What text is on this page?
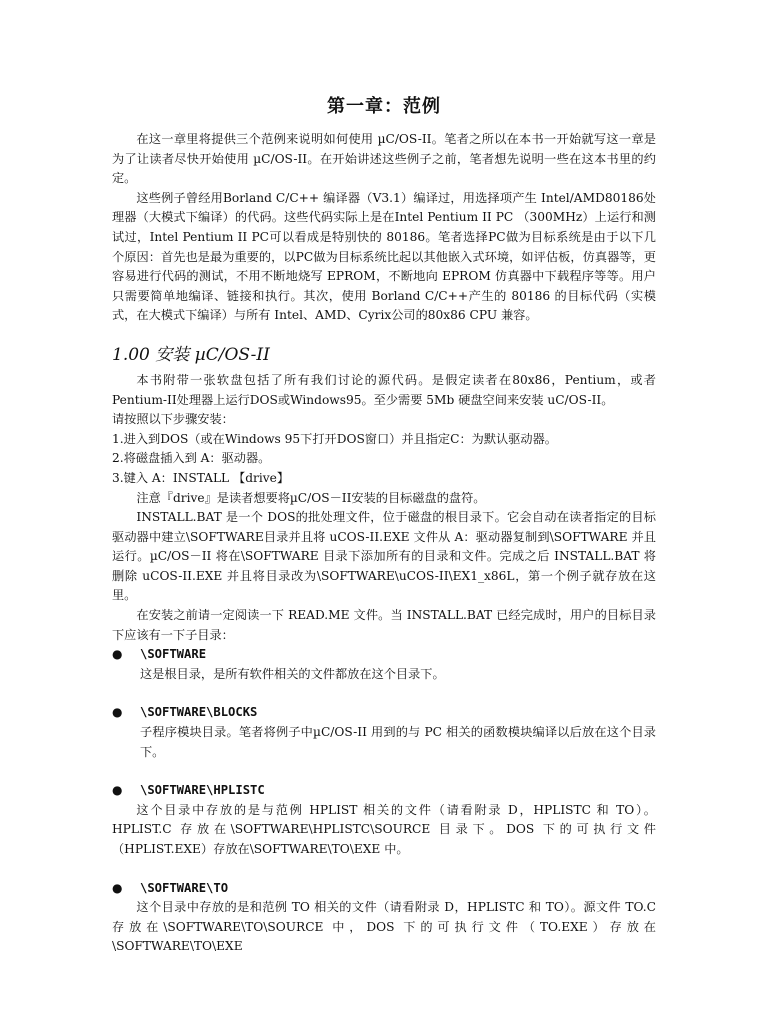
第一章：范例

在这一章里将提供三个范例来说明如何使用 µC/OS-II。笔者之所以在本书一开始就写这一章是为了让读者尽快开始使用 µC/OS-II。在开始讲述这些例子之前，笔者想先说明一些在这本书里的约定。

这些例子曾经用Borland C/C++ 编译器（V3.1）编译过，用选择项产生 Intel/AMD80186处理器（大模式下编译）的代码。这些代码实际上是在Intel Pentium II PC （300MHz）上运行和测试过，Intel Pentium II PC可以看成是特别快的 80186。笔者选择PC做为目标系统是由于以下几个原因：首先也是最为重要的，以PC做为目标系统比起以其他嵌入式环境，如评估板，仿真器等，更容易进行代码的测试，不用不断地烧写 EPROM，不断地向 EPROM 仿真器中下载程序等等。用户只需要简单地编译、链接和执行。其次，使用 Borland C/C++产生的 80186 的目标代码（实模式，在大模式下编译）与所有 Intel、AMD、Cyrix公司的80x86 CPU 兼容。

1.00 安装 µC/OS-II

本书附带一张软盘包括了所有我们讨论的源代码。是假定读者在80x86，Pentium，或者Pentium-II处理器上运行DOS或Windows95。至少需要 5Mb 硬盘空间来安装 uC/OS-II。

请按照以下步骤安装：

1.进入到DOS（或在Windows 95下打开DOS窗口）并且指定C：为默认驱动器。

2.将磁盘插入到 A：驱动器。

3.键入 A：INSTALL 【drive】

注意『drive』是读者想要将µC/OS－II安装的目标磁盘的盘符。

INSTALL.BAT 是一个 DOS的批处理文件，位于磁盘的根目录下。它会自动在读者指定的目标驱动器中建立\SOFTWARE目录并且将 uCOS-II.EXE 文件从 A：驱动器复制到\SOFTWARE 并且运行。µC/OS－II 将在\SOFTWARE 目录下添加所有的目录和文件。完成之后 INSTALL.BAT 将删除 uCOS-II.EXE 并且将目录改为\SOFTWARE\uCOS-II\EX1_x86L，第一个例子就存放在这里。

在安装之前请一定阅读一下 READ.ME 文件。当 INSTALL.BAT 已经完成时，用户的目标目录下应该有一下子目录：

●	\SOFTWARE

这是根目录，是所有软件相关的文件都放在这个目录下。

●	\SOFTWARE\BLOCKS

子程序模块目录。笔者将例子中µC/OS-II 用到的与 PC 相关的函数模块编译以后放在这个目录下。

●	\SOFTWARE\HPLISTC

这个目录中存放的是与范例 HPLIST 相关的文件（请看附录 D，HPLISTC 和 TO）。HPLIST.C 存放在\SOFTWARE\HPLISTC\SOURCE 目录下。DOS 下的可执行文件（HPLIST.EXE）存放在\SOFTWARE\TO\EXE 中。

●	\SOFTWARE\TO

这个目录中存放的是和范例 TO 相关的文件（请看附录 D，HPLISTC 和 TO）。源文件 TO.C 存放在\SOFTWARE\TO\SOURCE 中，DOS 下的可执行文件（TO.EXE）存放在\SOFTWARE\TO\EXE
